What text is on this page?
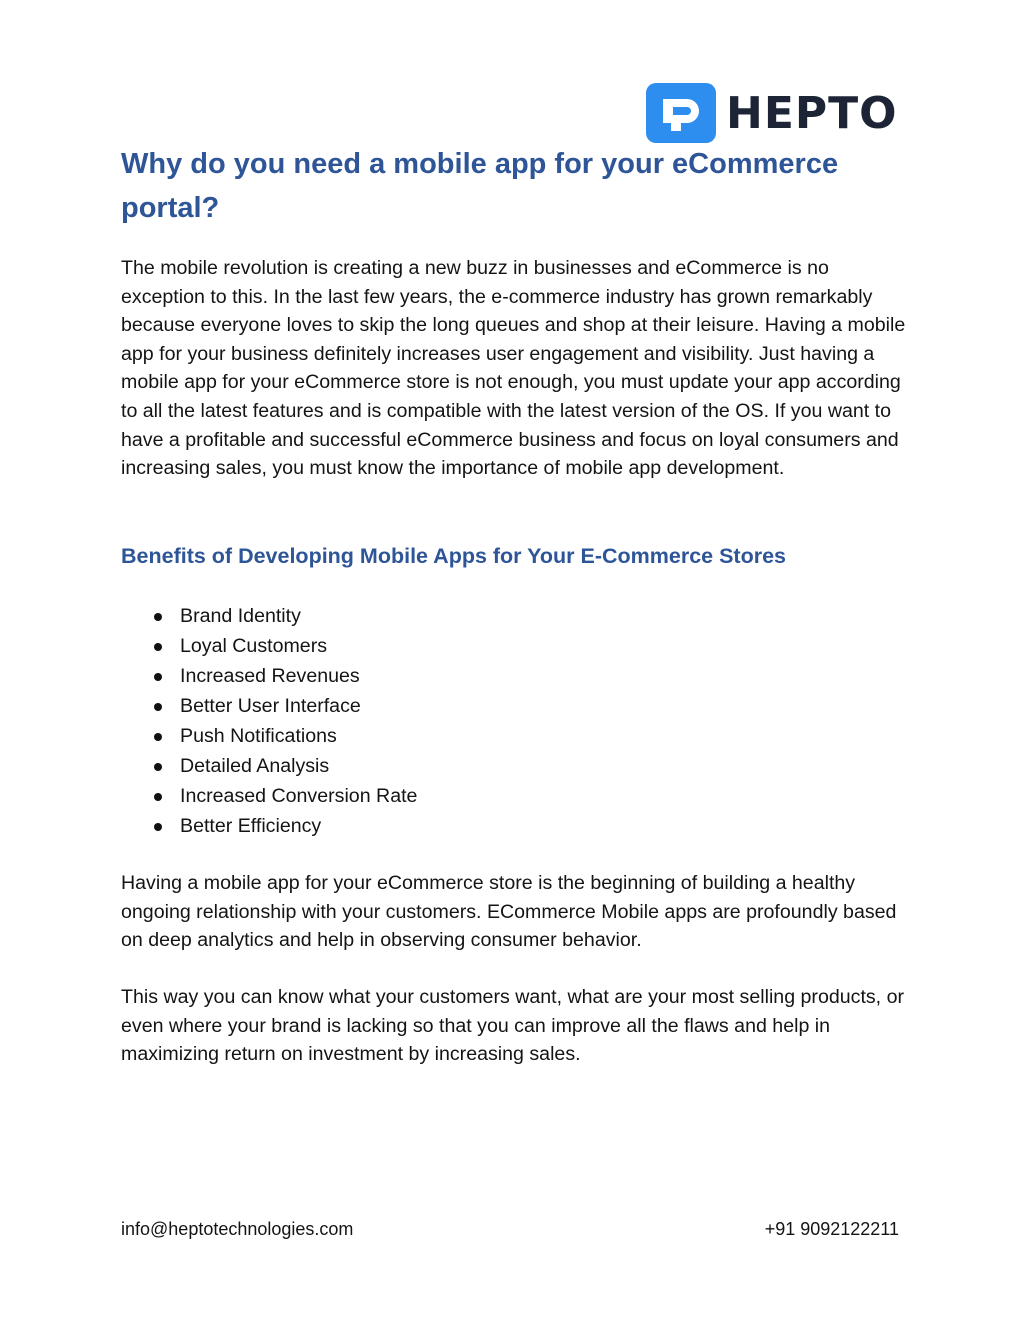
HEPTO
Why do you need a mobile app for your eCommerce portal?

The mobile revolution is creating a new buzz in businesses and eCommerce is no exception to this. In the last few years, the e-commerce industry has grown remarkably because everyone loves to skip the long queues and shop at their leisure. Having a mobile app for your business definitely increases user engagement and visibility. Just having a mobile app for your eCommerce store is not enough, you must update your app according to all the latest features and is compatible with the latest version of the OS. If you want to have a profitable and successful eCommerce business and focus on loyal consumers and increasing sales, you must know the importance of mobile app development.

Benefits of Developing Mobile Apps for Your E-Commerce Stores
Brand Identity
Loyal Customers
Increased Revenues
Better User Interface
Push Notifications
Detailed Analysis
Increased Conversion Rate
Better Efficiency

Having a mobile app for your eCommerce store is the beginning of building a healthy ongoing relationship with your customers. ECommerce Mobile apps are profoundly based on deep analytics and help in observing consumer behavior.

This way you can know what your customers want, what are your most selling products, or even where your brand is lacking so that you can improve all the flaws and help in maximizing return on investment by increasing sales.

info@heptotechnologies.com	+91 9092122211
